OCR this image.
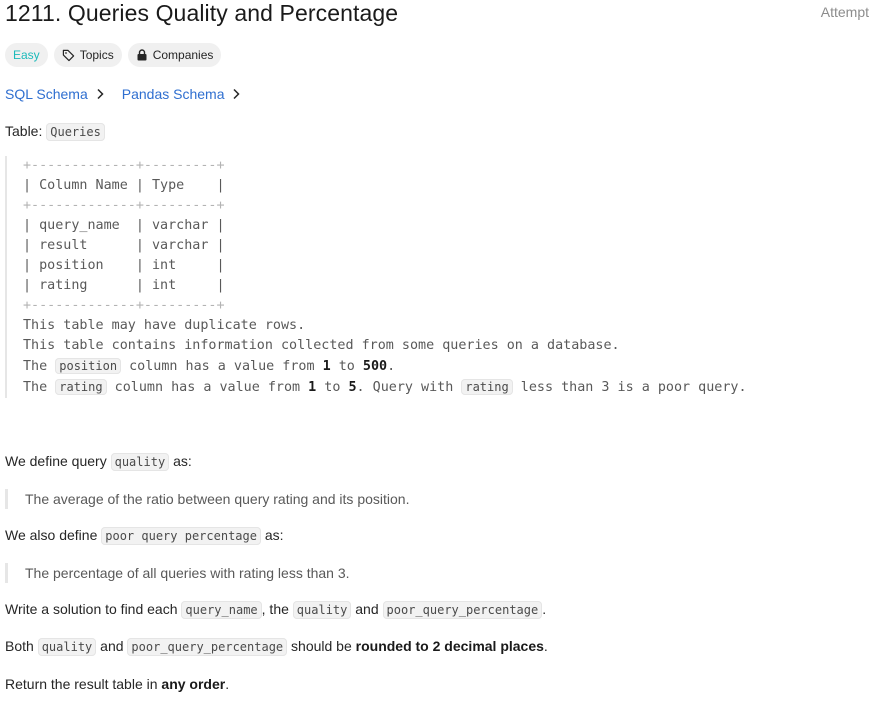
1211. Queries Quality and Percentage	Attempt
Easy	Topics	Companies
SQL Schema Pandas Schema
Table: Queries
+-------------+---------+
| Column Name | Type    |
+-------------+---------+
| query_name  | varchar |
| result      | varchar |
| position    | int     |
| rating      | int     |
+-------------+---------+
This table may have duplicate rows.
This table contains information collected from some queries on a database.
The position column has a value from 1 to 500.
The rating column has a value from 1 to 5. Query with rating less than 3 is a poor query.
We define query quality as:
The average of the ratio between query rating and its position.
We also define poor query percentage as:
The percentage of all queries with rating less than 3.
Write a solution to find each query_name , the quality and poor_query_percentage .
Both quality and poor_query_percentage should be rounded to 2 decimal places.
Return the result table in any order.
